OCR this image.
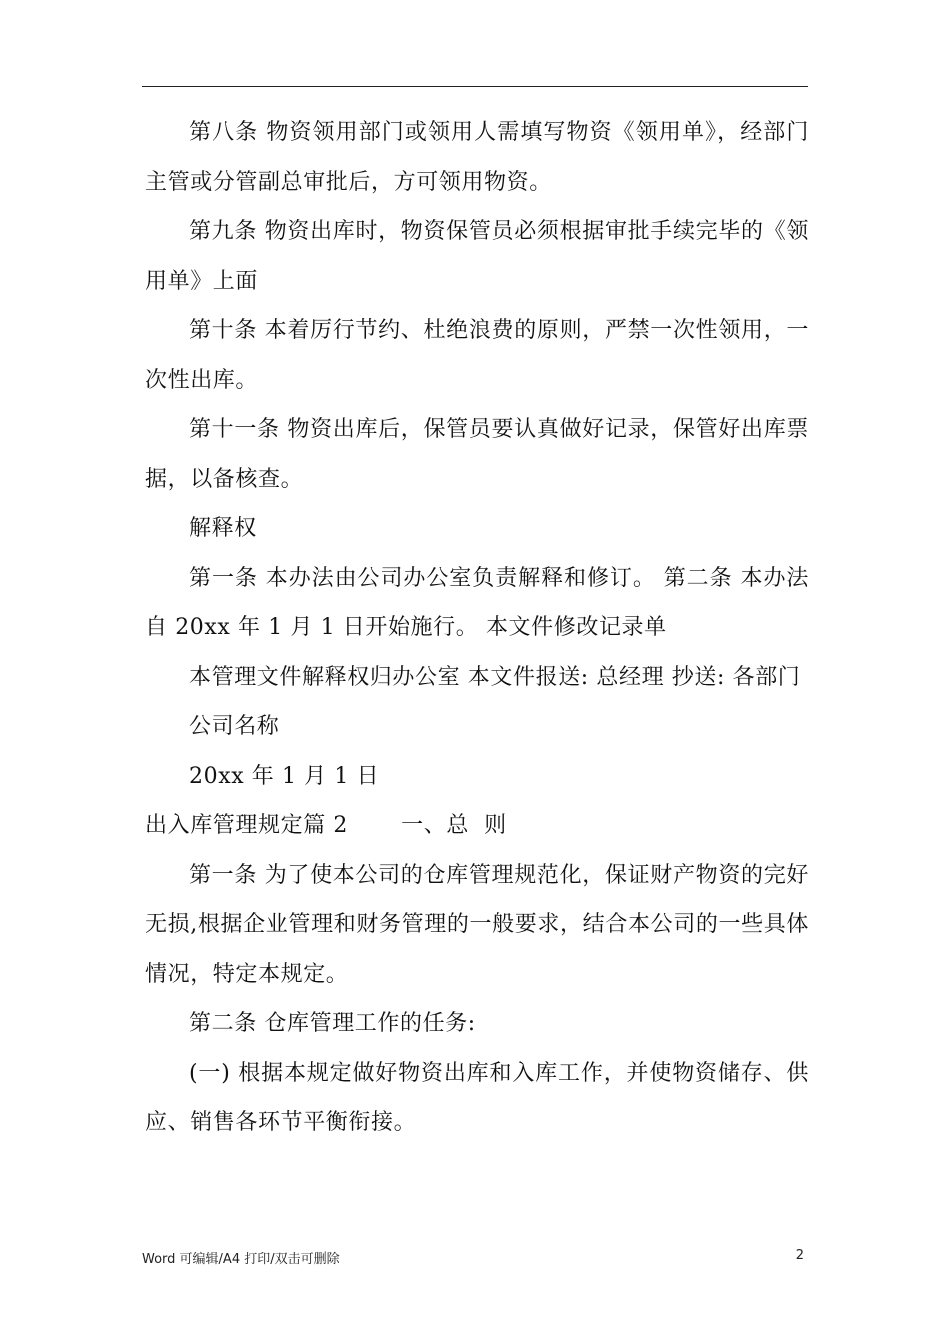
第八条 物资领用部门或领用人需填写物资《领用单》，经部门主管或分管副总审批后，方可领用物资。

第九条 物资出库时，物资保管员必须根据审批手续完毕的《领用单》上面

第十条 本着厉行节约、杜绝浪费的原则，严禁一次性领用，一次性出库。

第十一条 物资出库后，保管员要认真做好记录，保管好出库票据，以备核查。

解释权

第一条 本办法由公司办公室负责解释和修订。 第二条 本办法自 20xx 年 1 月 1 日开始施行。 本文件修改记录单

本管理文件解释权归办公室 本文件报送: 总经理 抄送: 各部门

公司名称

20xx 年 1 月 1 日

出入库管理规定篇 2       一、总  则

第一条 为了使本公司的仓库管理规范化，保证财产物资的完好无损,根据企业管理和财务管理的一般要求，结合本公司的一些具体情况，特定本规定。

第二条 仓库管理工作的任务:

(一) 根据本规定做好物资出库和入库工作，并使物资储存、供应、销售各环节平衡衔接。

Word 可编辑/A4 打印/双击可删除	2
